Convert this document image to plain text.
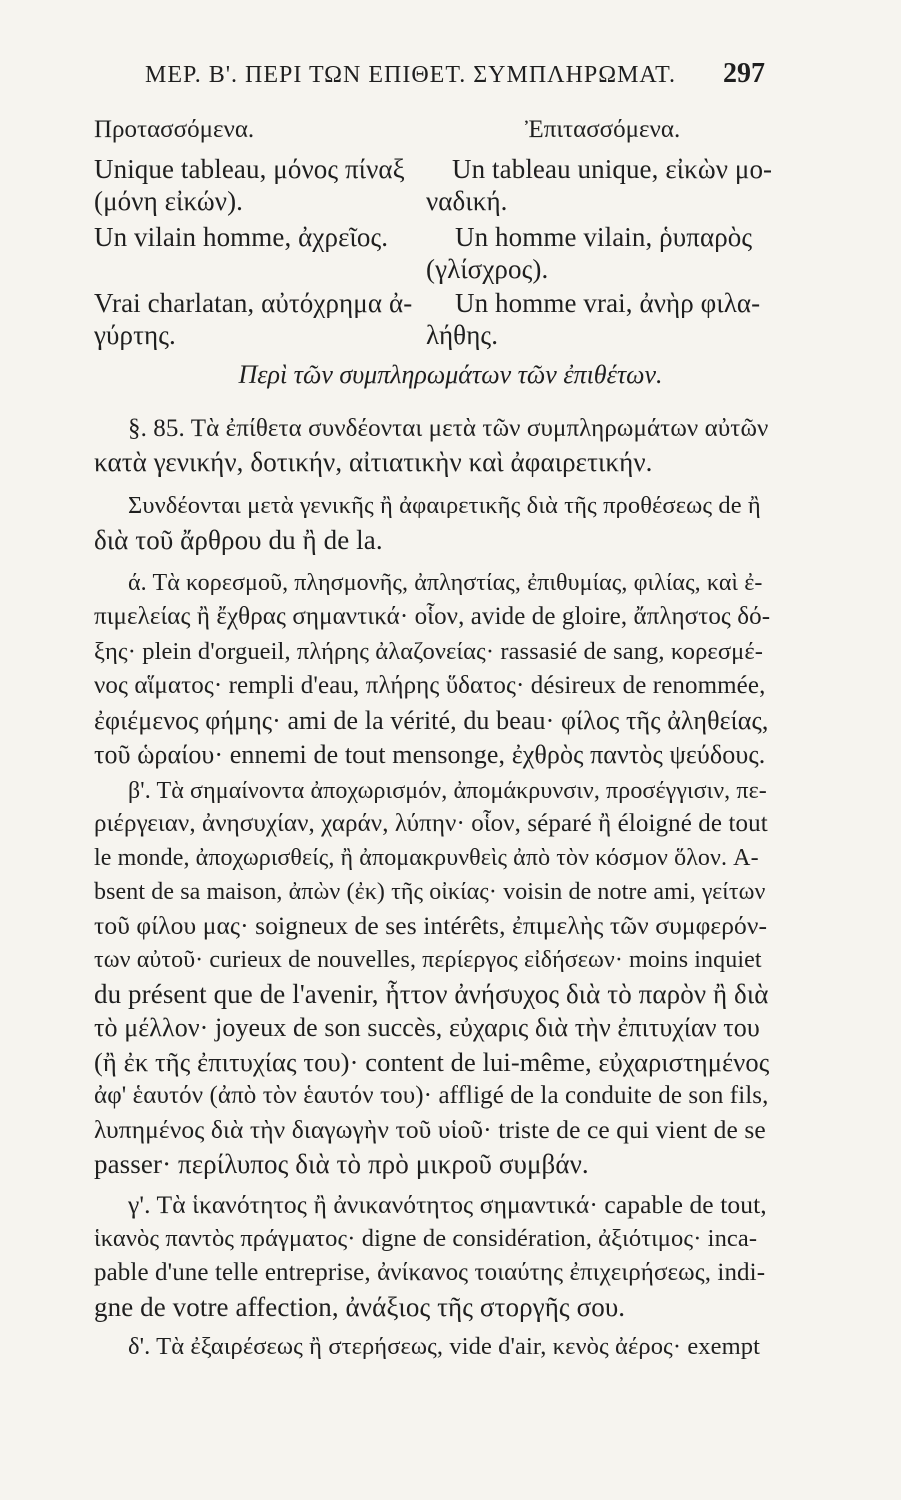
ΜΕΡ. Β'. ΠΕΡΙ ΤΩΝ ΕΠΙΘΕΤ. ΣΥΜΠΛΗΡΩΜΑΤ. 297
Προτασσόμενα.	Ἐπιτασσόμενα.
Unique tableau, μόνος πίναξ
(μόνη εἰκών).
Un tableau unique, εἰκὼν μο-
ναδική.
Un vilain homme, ἀχρεῖος.	Un homme vilain, ῥυπαρὸς
(γλίσχρος).
Vrai charlatan, αὐτόχρημα ἀ-
γύρτης.
Un homme vrai, ἀνὴρ φιλα-
λήθης.
Περὶ τῶν συμπληρωμάτων τῶν ἐπιθέτων.
§. 85. Τὰ ἐπίθετα συνδέονται μετὰ τῶν συμπληρωμάτων αὐτῶν
κατὰ γενικήν, δοτικήν, αἰτιατικὴν καὶ ἀφαιρετικήν.
Συνδέονται μετὰ γενικῆς ἢ ἀφαιρετικῆς διὰ τῆς προθέσεως de ἢ
διὰ τοῦ ἄρθρου du ἢ de la.
ά. Τὰ κορεσμοῦ, πλησμονῆς, ἀπληστίας, ἐπιθυμίας, φιλίας, καὶ ἐ-
πιμελείας ἢ ἔχθρας σημαντικά· οἷον, avide de gloire, ἄπληστος δό-
ξης· plein d'orgueil, πλήρης ἀλαζονείας· rassasié de sang, κορεσμέ-
νος αἵματος· rempli d'eau, πλήρης ὕδατος· désireux de renommée,
ἐφιέμενος φήμης· ami de la vérité, du beau· φίλος τῆς ἀληθείας,
τοῦ ὡραίου· ennemi de tout mensonge, ἐχθρὸς παντὸς ψεύδους.
β'. Τὰ σημαίνοντα ἀποχωρισμόν, ἀπομάκρυνσιν, προσέγγισιν, πε-
ριέργειαν, ἀνησυχίαν, χαράν, λύπην· οἷον, séparé ἢ éloigné de tout
le monde, ἀποχωρισθείς, ἢ ἀπομακρυνθεὶς ἀπὸ τὸν κόσμον ὅλον. A-
bsent de sa maison, ἀπὼν (ἐκ) τῆς οἰκίας· voisin de notre ami, γείτων
τοῦ φίλου μας· soigneux de ses intérêts, ἐπιμελὴς τῶν συμφερόν-
των αὐτοῦ· curieux de nouvelles, περίεργος εἰδήσεων· moins inquiet
du présent que de l'avenir, ἧττον ἀνήσυχος διὰ τὸ παρὸν ἢ διὰ
τὸ μέλλον· joyeux de son succès, εὐχαρις διὰ τὴν ἐπιτυχίαν του
(ἢ ἐκ τῆς ἐπιτυχίας του)· content de lui-même, εὐχαριστημένος
ἀφ' ἑαυτόν (ἀπὸ τὸν ἑαυτόν του)· affligé de la conduite de son fils,
λυπημένος διὰ τὴν διαγωγὴν τοῦ υἱοῦ· triste de ce qui vient de se
passer· περίλυπος διὰ τὸ πρὸ μικροῦ συμβάν.
γ'. Τὰ ἱκανότητος ἢ ἀνικανότητος σημαντικά· capable de tout,
ἱκανὸς παντὸς πράγματος· digne de considération, ἀξιότιμος· inca-
pable d'une telle entreprise, ἀνίκανος τοιαύτης ἐπιχειρήσεως, indi-
gne de votre affection, ἀνάξιος τῆς στοργῆς σου.
δ'. Τὰ ἐξαιρέσεως ἢ στερήσεως, vide d'air, κενὸς ἀέρος· exempt
